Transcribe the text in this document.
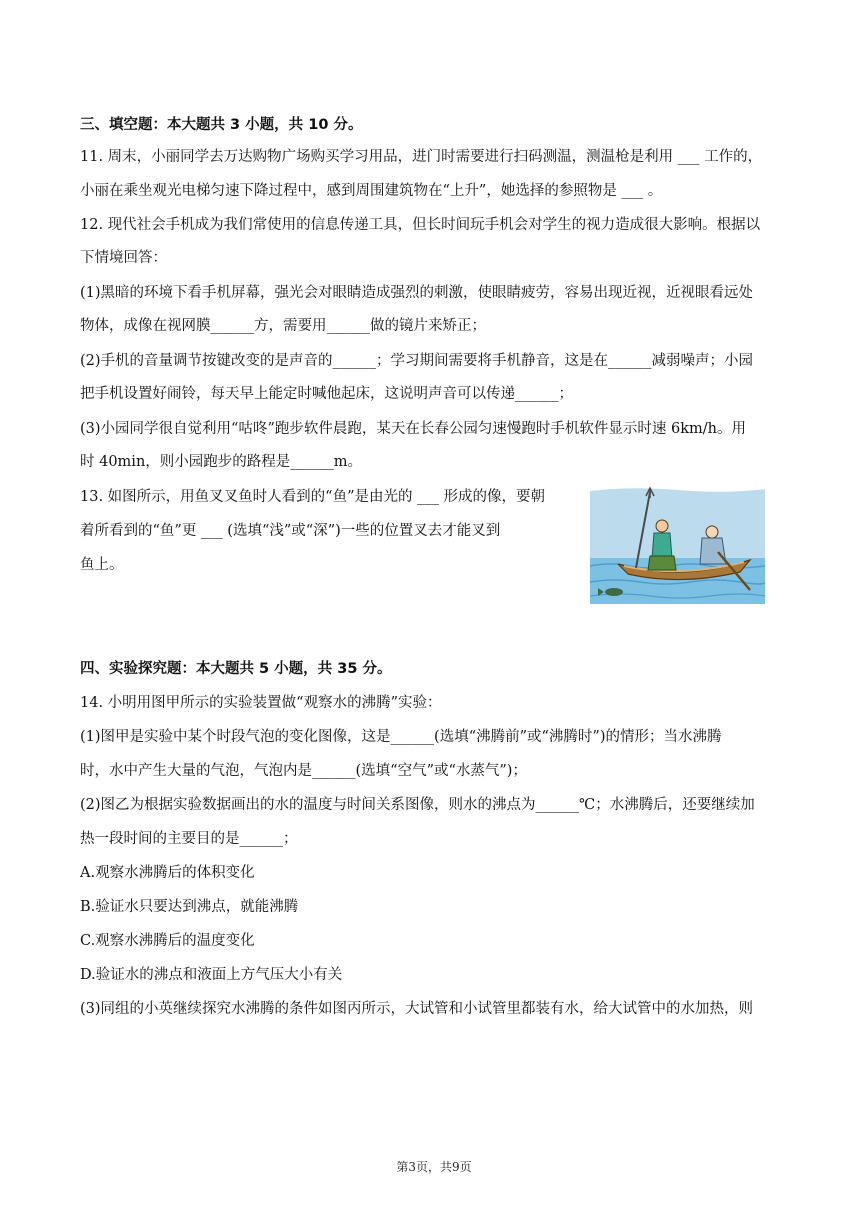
三、填空题：本大题共 3 小题，共 10 分。
11. 周末，小丽同学去万达购物广场购买学习用品，进门时需要进行扫码测温，测温枪是利用 ___ 工作的，
小丽在乘坐观光电梯匀速下降过程中，感到周围建筑物在“上升”，她选择的参照物是 ___ 。
12. 现代社会手机成为我们常使用的信息传递工具，但长时间玩手机会对学生的视力造成很大影响。根据以
下情境回答：
(1)黑暗的环境下看手机屏幕，强光会对眼睛造成强烈的刺激，使眼睛疲劳，容易出现近视，近视眼看远处
物体，成像在视网膜______方，需要用______做的镜片来矫正；
(2)手机的音量调节按键改变的是声音的______；学习期间需要将手机静音，这是在______减弱噪声；小园
把手机设置好闹铃，每天早上能定时喊他起床，这说明声音可以传递______；
(3)小园同学很自觉利用“咕咚”跑步软件晨跑，某天在长春公园匀速慢跑时手机软件显示时速 6km/h。用
时 40min，则小园跑步的路程是______m。
13. 如图所示，用鱼叉叉鱼时人看到的“鱼”是由光的 ___ 形成的像，要朝
着所看到的“鱼”更 ___ (选填“浅”或“深”)一些的位置叉去才能叉到
鱼上。
四、实验探究题：本大题共 5 小题，共 35 分。
14. 小明用图甲所示的实验装置做“观察水的沸腾”实验：
(1)图甲是实验中某个时段气泡的变化图像，这是______(选填“沸腾前”或“沸腾时”)的情形；当水沸腾
时，水中产生大量的气泡，气泡内是______(选填“空气”或“水蒸气”)；
(2)图乙为根据实验数据画出的水的温度与时间关系图像，则水的沸点为______℃；水沸腾后，还要继续加
热一段时间的主要目的是______；
A.观察水沸腾后的体积变化
B.验证水只要达到沸点，就能沸腾
C.观察水沸腾后的温度变化
D.验证水的沸点和液面上方气压大小有关
(3)同组的小英继续探究水沸腾的条件如图丙所示，大试管和小试管里都装有水，给大试管中的水加热，则
第3页，共9页
